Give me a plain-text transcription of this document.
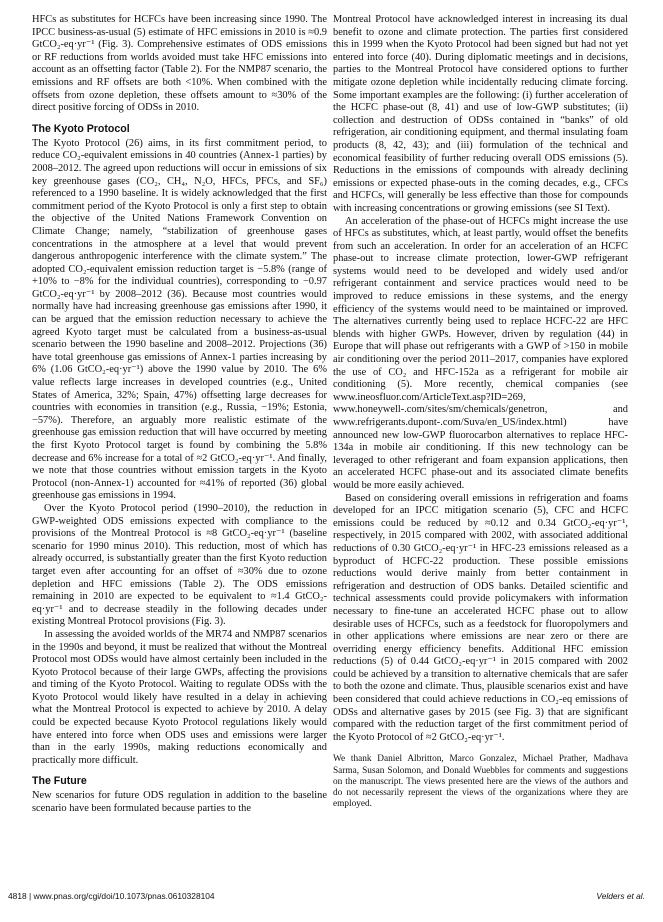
HFCs as substitutes for HCFCs have been increasing since 1990. The IPCC business-as-usual (5) estimate of HFC emissions in 2010 is ≈0.9 GtCO₂-eq·yr⁻¹ (Fig. 3). Comprehensive estimates of ODS emissions or RF reductions from worlds avoided must take HFC emissions into account as an offsetting factor (Table 2). For the NMP87 scenario, the emissions and RF offsets are both <10%. When combined with the offsets from ozone depletion, these offsets amount to ≈30% of the direct positive forcing of ODSs in 2010.

The Kyoto Protocol

The Kyoto Protocol (26) aims, in its first commitment period, to reduce CO₂-equivalent emissions in 40 countries (Annex-1 parties) by 2008–2012. The agreed upon reductions will occur in emissions of six key greenhouse gases (CO₂, CH₄, N₂O, HFCs, PFCs, and SF₆) referenced to a 1990 baseline. It is widely acknowledged that the first commitment period of the Kyoto Protocol is only a first step to obtain the objective of the United Nations Framework Convention on Climate Change; namely, “stabilization of greenhouse gases concentrations in the atmosphere at a level that would prevent dangerous anthropogenic interference with the climate system.” The adopted CO₂-equivalent emission reduction target is −5.8% (range of +10% to −8% for the individual countries), corresponding to −0.97 GtCO₂-eq·yr⁻¹ by 2008–2012 (36). Because most countries would normally have had increasing greenhouse gas emissions after 1990, it can be argued that the emission reduction necessary to achieve the agreed Kyoto target must be calculated from a business-as-usual scenario between the 1990 baseline and 2008–2012. Projections (36) have total greenhouse gas emissions of Annex-1 parties increasing by 6% (1.06 GtCO₂-eq·yr⁻¹) above the 1990 value by 2010. The 6% value reflects large increases in developed countries (e.g., United States of America, 32%; Spain, 47%) offsetting large decreases for countries with economies in transition (e.g., Russia, −19%; Estonia, −57%). Therefore, an arguably more realistic estimate of the greenhouse gas emission reduction that will have occurred by meeting the first Kyoto Protocol target is found by combining the 5.8% decrease and 6% increase for a total of ≈2 GtCO₂-eq·yr⁻¹. And finally, we note that those countries without emission targets in the Kyoto Protocol (non-Annex-1) accounted for ≈41% of reported (36) global greenhouse gas emissions in 1994.

Over the Kyoto Protocol period (1990–2010), the reduction in GWP-weighted ODS emissions expected with compliance to the provisions of the Montreal Protocol is ≈8 GtCO₂-eq·yr⁻¹ (baseline scenario for 1990 minus 2010). This reduction, most of which has already occurred, is substantially greater than the first Kyoto reduction target even after accounting for an offset of ≈30% due to ozone depletion and HFC emissions (Table 2). The ODS emissions remaining in 2010 are expected to be equivalent to ≈1.4 GtCO₂-eq·yr⁻¹ and to decrease steadily in the following decades under existing Montreal Protocol provisions (Fig. 3).

In assessing the avoided worlds of the MR74 and NMP87 scenarios in the 1990s and beyond, it must be realized that without the Montreal Protocol most ODSs would have almost certainly been included in the Kyoto Protocol because of their large GWPs, affecting the provisions and timing of the Kyoto Protocol. Waiting to regulate ODSs with the Kyoto Protocol would likely have resulted in a delay in achieving what the Montreal Protocol is expected to achieve by 2010. A delay could be expected because Kyoto Protocol regulations likely would have entered into force when ODS uses and emissions were larger than in the early 1990s, making reductions economically and practically more difficult.

The Future

New scenarios for future ODS regulation in addition to the baseline scenario have been formulated because parties to the

Montreal Protocol have acknowledged interest in increasing its dual benefit to ozone and climate protection. The parties first considered this in 1999 when the Kyoto Protocol had been signed but had not yet entered into force (40). During diplomatic meetings and in decisions, parties to the Montreal Protocol have considered options to further mitigate ozone depletion while incidentally reducing climate forcing. Some important examples are the following: (i) further acceleration of the HCFC phase-out (8, 41) and use of low-GWP substitutes; (ii) collection and destruction of ODSs contained in “banks” of old refrigeration, air conditioning equipment, and thermal insulating foam products (8, 42, 43); and (iii) formulation of the technical and economical feasibility of further reducing overall ODS emissions (5). Reductions in the emissions of compounds with already declining emissions or expected phase-outs in the coming decades, e.g., CFCs and HCFCs, will generally be less effective than those for compounds with increasing concentrations or growing emissions (see SI Text).

An acceleration of the phase-out of HCFCs might increase the use of HFCs as substitutes, which, at least partly, would offset the benefits from such an acceleration. In order for an acceleration of an HCFC phase-out to increase climate protection, lower-GWP refrigerant systems would need to be developed and widely used and/or refrigerant containment and service practices would need to be improved to reduce emissions in these systems, and the energy efficiency of the systems would need to be maintained or improved. The alternatives currently being used to replace HCFC-22 are HFC blends with higher GWPs. However, driven by regulation (44) in Europe that will phase out refrigerants with a GWP of >150 in mobile air conditioning over the period 2011–2017, companies have explored the use of CO₂ and HFC-152a as a refrigerant for mobile air conditioning (5). More recently, chemical companies (see www.ineosfluor.com/ArticleText.asp?ID=269, www.honeywell-.com/sites/sm/chemicals/genetron, and www.refrigerants.dupont-.com/Suva/en_US/index.html) have announced new low-GWP fluorocarbon alternatives to replace HFC-134a in mobile air conditioning. If this new technology can be leveraged to other refrigerant and foam expansion applications, then an accelerated HCFC phase-out and its associated climate benefits would be more easily achieved.

Based on considering overall emissions in refrigeration and foams developed for an IPCC mitigation scenario (5), CFC and HCFC emissions could be reduced by ≈0.12 and 0.34 GtCO₂-eq·yr⁻¹, respectively, in 2015 compared with 2002, with associated additional reductions of 0.30 GtCO₂-eq·yr⁻¹ in HFC-23 emissions released as a byproduct of HCFC-22 production. These possible emissions reductions would derive mainly from better containment in refrigeration and destruction of ODS banks. Detailed scientific and technical assessments could provide policymakers with information necessary to fine-tune an accelerated HCFC phase out to allow desirable uses of HCFCs, such as a feedstock for fluoropolymers and in other applications where emissions are near zero or there are overriding energy efficiency benefits. Additional HFC emission reductions (5) of 0.44 GtCO₂-eq·yr⁻¹ in 2015 compared with 2002 could be achieved by a transition to alternative chemicals that are safer to both the ozone and climate. Thus, plausible scenarios exist and have been considered that could achieve reductions in CO₂-eq emissions of ODSs and alternative gases by 2015 (see Fig. 3) that are significant compared with the reduction target of the first commitment period of the Kyoto Protocol of ≈2 GtCO₂-eq·yr⁻¹.

We thank Daniel Albritton, Marco Gonzalez, Michael Prather, Madhava Sarma, Susan Solomon, and Donald Wuebbles for comments and suggestions on the manuscript. The views presented here are the views of the authors and do not necessarily represent the views of the organizations where they are employed.

4818 | www.pnas.org/cgi/doi/10.1073/pnas.0610328104	Velders et al.
